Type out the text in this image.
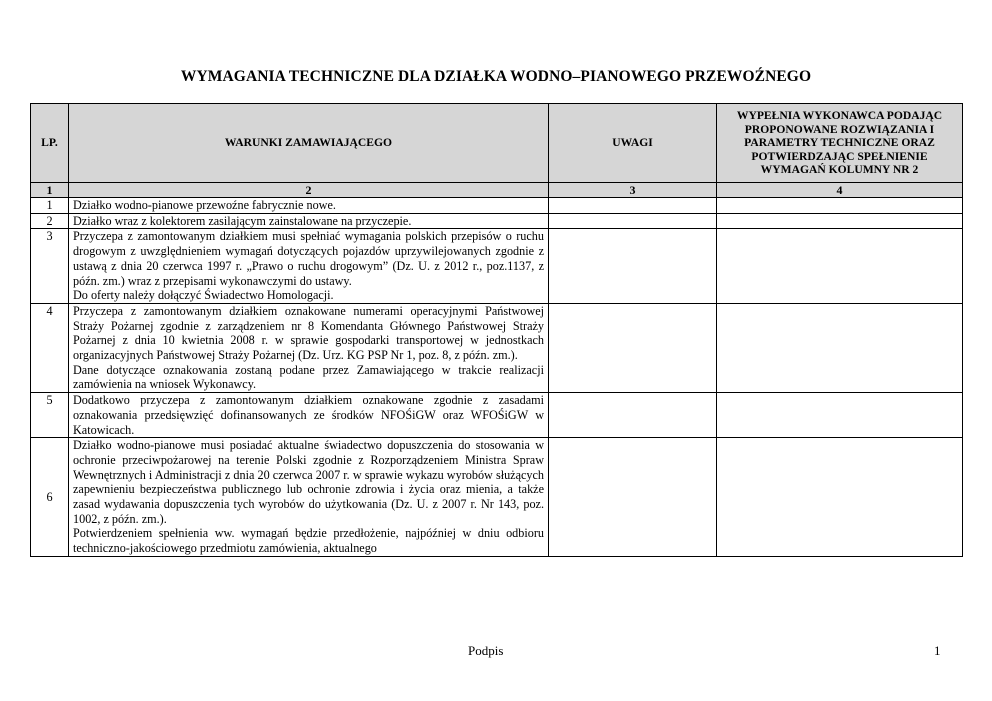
WYMAGANIA TECHNICZNE DLA DZIAŁKA WODNO–PIANOWEGO PRZEWOŹNEGO
LP.	WARUNKI ZAMAWIAJĄCEGO	UWAGI	WYPEŁNIA WYKONAWCA PODAJĄC PROPONOWANE ROZWIĄZANIA I PARAMETRY TECHNICZNE ORAZ POTWIERDZAJĄC SPEŁNIENIE WYMAGAŃ KOLUMNY NR 2
1	2	3	4
1	Działko wodno-pianowe przewoźne fabrycznie nowe.		

2	Działko wraz z kolektorem zasilającym zainstalowane na przyczepie.		

3	Przyczepa z zamontowanym działkiem musi spełniać wymagania polskich przepisów o ruchu drogowym z uwzględnieniem wymagań dotyczących pojazdów uprzywilejowanych zgodnie z ustawą z dnia 20 czerwca 1997 r. „Prawo o ruchu drogowym” (Dz. U. z 2012 r., poz.1137, z późn. zm.) wraz z przepisami wykonawczymi do ustawy.
Do oferty należy dołączyć Świadectwo Homologacji.		

4	Przyczepa z zamontowanym działkiem oznakowane numerami operacyjnymi Państwowej Straży Pożarnej zgodnie z zarządzeniem nr 8 Komendanta Głównego Państwowej Straży Pożarnej z dnia 10 kwietnia 2008 r. w sprawie gospodarki transportowej w jednostkach organizacyjnych Państwowej Straży Pożarnej (Dz. Urz. KG PSP Nr 1, poz. 8, z późn. zm.).
Dane dotyczące oznakowania zostaną podane przez Zamawiającego w trakcie realizacji zamówienia na wniosek Wykonawcy.		

5	Dodatkowo przyczepa z zamontowanym działkiem oznakowane zgodnie z zasadami oznakowania przedsięwzięć dofinansowanych ze środków NFOŚiGW oraz WFOŚiGW w Katowicach.		

6	Działko wodno-pianowe musi posiadać aktualne świadectwo dopuszczenia do stosowania w ochronie przeciwpożarowej na terenie Polski zgodnie z Rozporządzeniem Ministra Spraw Wewnętrznych i Administracji z dnia 20 czerwca 2007 r. w sprawie wykazu wyrobów służących zapewnieniu bezpieczeństwa publicznego lub ochronie zdrowia i życia oraz mienia, a także zasad wydawania dopuszczenia tych wyrobów do użytkowania (Dz. U. z 2007 r. Nr 143, poz. 1002, z późn. zm.).
Potwierdzeniem spełnienia ww. wymagań będzie przedłożenie, najpóźniej w dniu odbioru techniczno-jakościowego przedmiotu zamówienia, aktualnego		

Podpis	1
